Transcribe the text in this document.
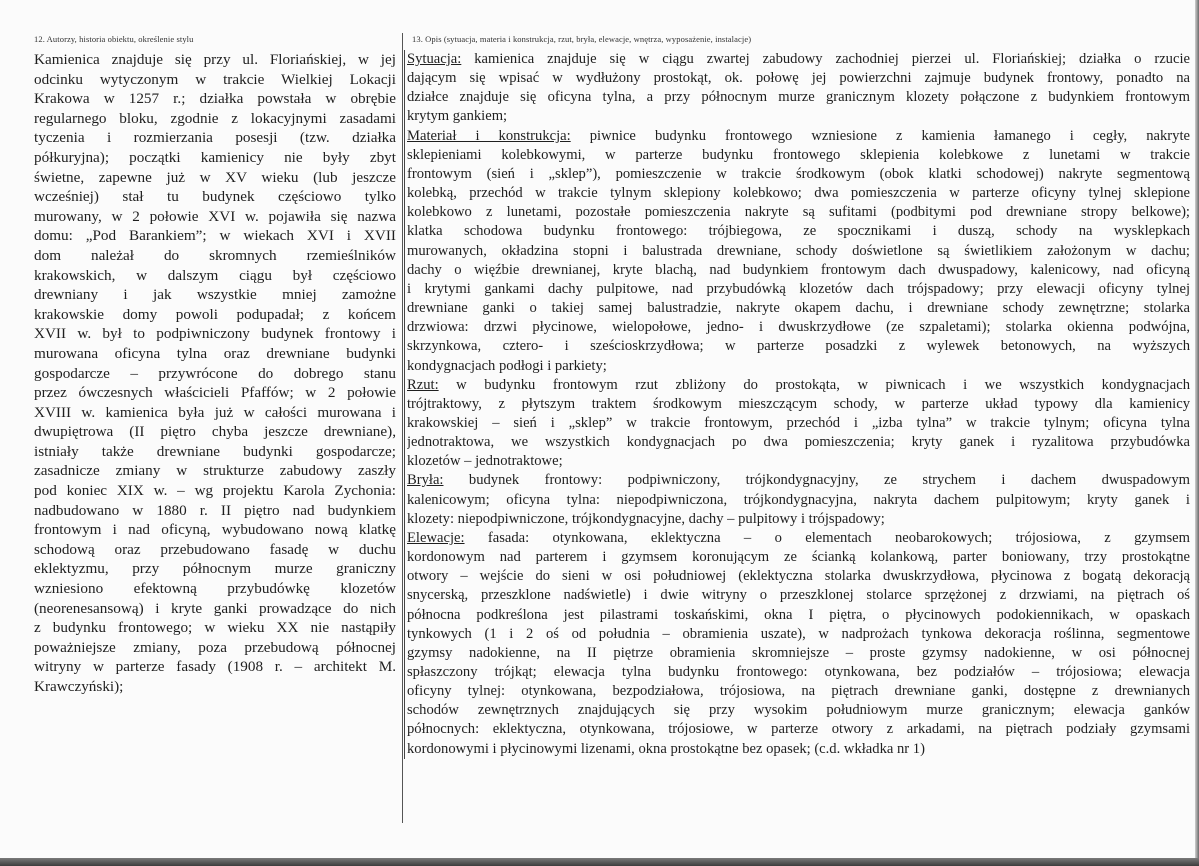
12. Autorzy, historia obiektu, określenie stylu	13. Opis (sytuacja, materia i konstrukcja, rzut, bryła, elewacje, wnętrza, wyposażenie, instalacje)
Kamienica znajduje się przy ul. Floriańskiej, w jej
odcinku wytyczonym w trakcie Wielkiej Lokacji
Krakowa w 1257 r.; działka powstała w obrębie
regularnego bloku, zgodnie z lokacyjnymi zasadami
tyczenia i rozmierzania posesji (tzw. działka
półkuryjna); początki kamienicy nie były zbyt
świetne, zapewne już w XV wieku (lub jeszcze
wcześniej) stał tu budynek częściowo tylko
murowany, w 2 połowie XVI w. pojawiła się nazwa
domu: „Pod Barankiem”; w wiekach XVI i XVII
dom należał do skromnych rzemieślników
krakowskich, w dalszym ciągu był częściowo
drewniany i jak wszystkie mniej zamożne
krakowskie domy powoli podupadał; z końcem
XVII w. był to podpiwniczony budynek frontowy i
murowana oficyna tylna oraz drewniane budynki
gospodarcze – przywrócone do dobrego stanu
przez ówczesnych właścicieli Pfaffów; w 2 połowie
XVIII w. kamienica była już w całości murowana i
dwupiętrowa (II piętro chyba jeszcze drewniane),
istniały także drewniane budynki gospodarcze;
zasadnicze zmiany w strukturze zabudowy zaszły
pod koniec XIX w. – wg projektu Karola Zychonia:
nadbudowano w 1880 r. II piętro nad budynkiem
frontowym i nad oficyną, wybudowano nową klatkę
schodową oraz przebudowano fasadę w duchu
eklektyzmu, przy północnym murze graniczny
wzniesiono efektowną przybudówkę klozetów
(neorenesansową) i kryte ganki prowadzące do nich
z budynku frontowego; w wieku XX nie nastąpiły
poważniejsze zmiany, poza przebudową północnej
witryny w parterze fasady (1908 r. – architekt M.
Krawczyński);
Sytuacja: kamienica znajduje się w ciągu zwartej zabudowy zachodniej pierzei ul. Floriańskiej; działka o rzucie
dającym się wpisać w wydłużony prostokąt, ok. połowę jej powierzchni zajmuje budynek frontowy, ponadto na
działce znajduje się oficyna tylna, a przy północnym murze granicznym klozety połączone z budynkiem frontowym
krytym gankiem;
Materiał i konstrukcja: piwnice budynku frontowego wzniesione z kamienia łamanego i cegły, nakryte
sklepieniami kolebkowymi, w parterze budynku frontowego sklepienia kolebkowe z lunetami w trakcie
frontowym (sień i „sklep”), pomieszczenie w trakcie środkowym (obok klatki schodowej) nakryte segmentową
kolebką, przechód w trakcie tylnym sklepiony kolebkowo; dwa pomieszczenia w parterze oficyny tylnej sklepione
kolebkowo z lunetami, pozostałe pomieszczenia nakryte są sufitami (podbitymi pod drewniane stropy belkowe);
klatka schodowa budynku frontowego: trójbiegowa, ze spocznikami i duszą, schody na wysklepkach
murowanych, okładzina stopni i balustrada drewniane, schody doświetlone są świetlikiem założonym w dachu;
dachy o więźbie drewnianej, kryte blachą, nad budynkiem frontowym dach dwuspadowy, kalenicowy, nad oficyną
i krytymi gankami dachy pulpitowe, nad przybudówką klozetów dach trójspadowy; przy elewacji oficyny tylnej
drewniane ganki o takiej samej balustradzie, nakryte okapem dachu, i drewniane schody zewnętrzne; stolarka
drzwiowa: drzwi płycinowe, wielopołowe, jedno- i dwuskrzydłowe (ze szpaletami); stolarka okienna podwójna,
skrzynkowa, cztero- i sześcioskrzydłowa; w parterze posadzki z wylewek betonowych, na wyższych
kondygnacjach podłogi i parkiety;
Rzut: w budynku frontowym rzut zbliżony do prostokąta, w piwnicach i we wszystkich kondygnacjach
trójtraktowy, z płytszym traktem środkowym mieszczącym schody, w parterze układ typowy dla kamienicy
krakowskiej – sień i „sklep” w trakcie frontowym, przechód i „izba tylna” w trakcie tylnym; oficyna tylna
jednotraktowa, we wszystkich kondygnacjach po dwa pomieszczenia; kryty ganek i ryzalitowa przybudówka
klozetów – jednotraktowe;
Bryła: budynek frontowy: podpiwniczony, trójkondygnacyjny, ze strychem i dachem dwuspadowym
kalenicowym; oficyna tylna: niepodpiwniczona, trójkondygnacyjna, nakryta dachem pulpitowym; kryty ganek i
klozety: niepodpiwniczone, trójkondygnacyjne, dachy – pulpitowy i trójspadowy;
Elewacje: fasada: otynkowana, eklektyczna – o elementach neobarokowych; trójosiowa, z gzymsem
kordonowym nad parterem i gzymsem koronującym ze ścianką kolankową, parter boniowany, trzy prostokątne
otwory – wejście do sieni w osi południowej (eklektyczna stolarka dwuskrzydłowa, płycinowa z bogatą dekoracją
snycerską, przeszklone nadświetle) i dwie witryny o przeszklonej stolarce sprzężonej z drzwiami, na piętrach oś
północna podkreślona jest pilastrami toskańskimi, okna I piętra, o płycinowych podokiennikach, w opaskach
tynkowych (1 i 2 oś od południa – obramienia uszate), w nadprożach tynkowa dekoracja roślinna, segmentowe
gzymsy nadokienne, na II piętrze obramienia skromniejsze – proste gzymsy nadokienne, w osi północnej
spłaszczony trójkąt; elewacja tylna budynku frontowego: otynkowana, bez podziałów – trójosiowa; elewacja
oficyny tylnej: otynkowana, bezpodziałowa, trójosiowa, na piętrach drewniane ganki, dostępne z drewnianych
schodów zewnętrznych znajdujących się przy wysokim południowym murze granicznym; elewacja ganków
północnych: eklektyczna, otynkowana, trójosiowe, w parterze otwory z arkadami, na piętrach podziały gzymsami
kordonowymi i płycinowymi lizenami, okna prostokątne bez opasek; (c.d. wkładka nr 1)
